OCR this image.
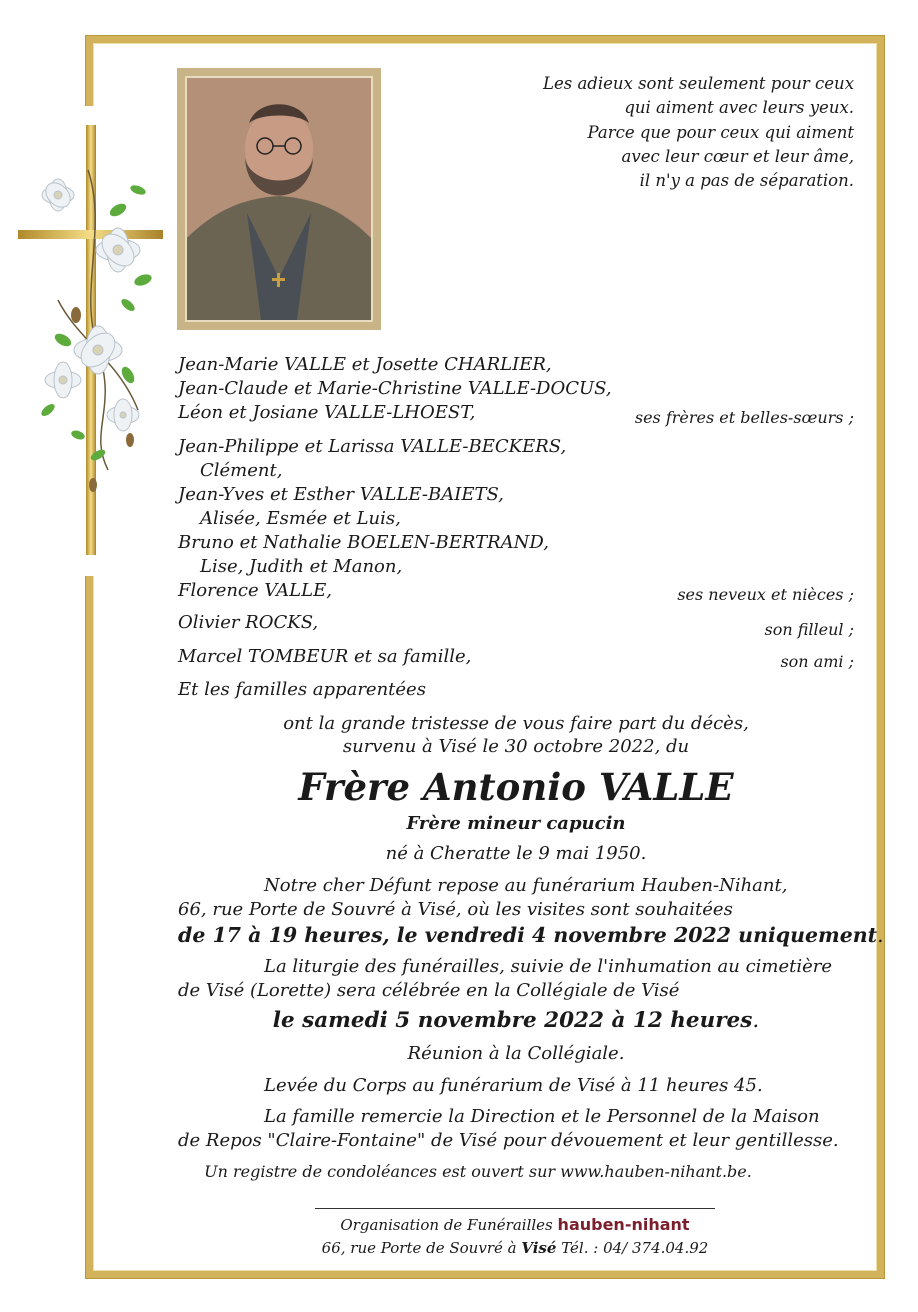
Les adieux sont seulement pour ceux
qui aiment avec leurs yeux.
Parce que pour ceux qui aiment
avec leur cœur et leur âme,
il n'y a pas de séparation.
Jean-Marie VALLE et Josette CHARLIER,
Jean-Claude et Marie-Christine VALLE-DOCUS,
Léon et Josiane VALLE-LHOEST,	ses frères et belles-sœurs ;
Jean-Philippe et Larissa VALLE-BECKERS,
Clément,
Jean-Yves et Esther VALLE-BAIETS,
Alisée, Esmée et Luis,
Bruno et Nathalie BOELEN-BERTRAND,
Lise, Judith et Manon,
Florence VALLE,	ses neveux et nièces ;
Olivier ROCKS,	son filleul ;
Marcel TOMBEUR et sa famille,	son ami ;
Et les familles apparentées
ont la grande tristesse de vous faire part du décès,
survenu à Visé le 30 octobre 2022, du
Frère Antonio VALLE
Frère mineur capucin
né à Cheratte le 9 mai 1950.
Notre cher Défunt repose au funérarium Hauben-Nihant,
66, rue Porte de Souvré à Visé, où les visites sont souhaitées
de 17 à 19 heures, le vendredi 4 novembre 2022 uniquement.
La liturgie des funérailles, suivie de l'inhumation au cimetière
de Visé (Lorette) sera célébrée en la Collégiale de Visé
le samedi 5 novembre 2022 à 12 heures.
Réunion à la Collégiale.
Levée du Corps au funérarium de Visé à 11 heures 45.
La famille remercie la Direction et le Personnel de la Maison
de Repos "Claire-Fontaine" de Visé pour dévouement et leur gentillesse.
Un registre de condoléances est ouvert sur www.hauben-nihant.be.
Organisation de Funérailles hauben-nihant
66, rue Porte de Souvré à Visé Tél. : 04/ 374.04.92
